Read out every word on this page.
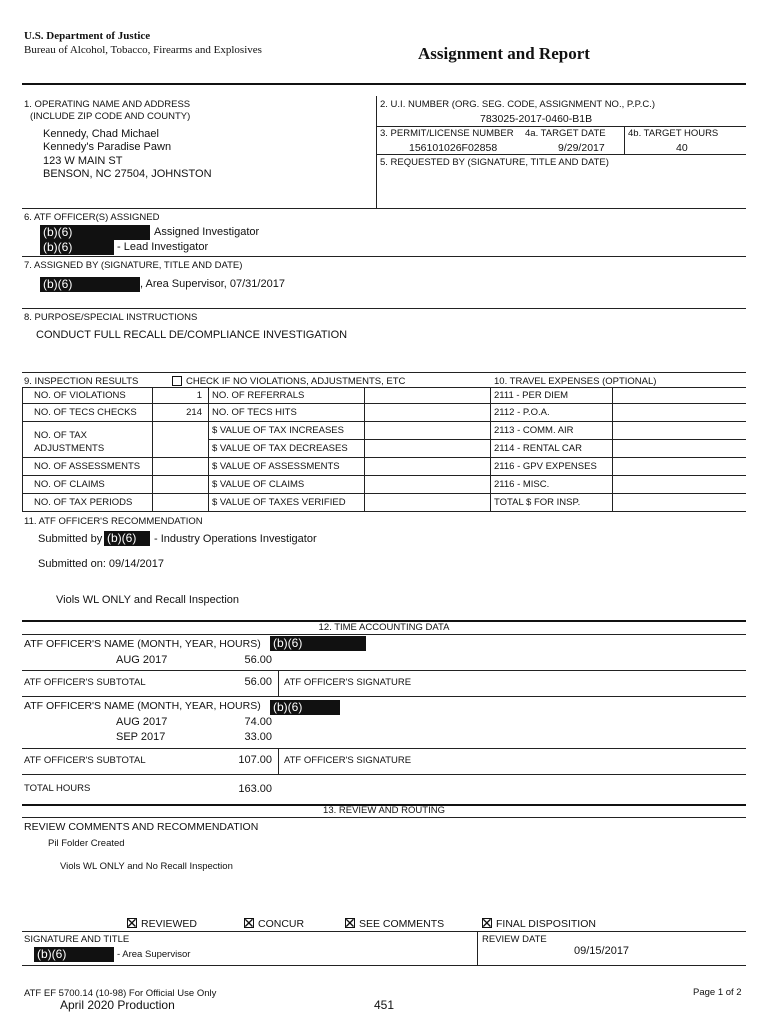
U.S. Department of Justice
Bureau of Alcohol, Tobacco, Firearms and Explosives	Assignment and Report
1. OPERATING NAME AND ADDRESS
(INCLUDE ZIP CODE AND COUNTY)
Kennedy, Chad Michael
Kennedy's Paradise Pawn
123 W MAIN ST
BENSON, NC 27504, JOHNSTON
2. U.I. NUMBER (ORG. SEG. CODE, ASSIGNMENT NO., P.P.C.)
783025-2017-0460-B1B
3. PERMIT/LICENSE NUMBER 4a. TARGET DATE 4b. TARGET HOURS
156101026F02858	9/29/2017	40
5. REQUESTED BY (SIGNATURE, TITLE AND DATE)
6. ATF OFFICER(S) ASSIGNED
(b)(6)	Assigned Investigator
(b)(6)	- Lead Investigator
7. ASSIGNED BY (SIGNATURE, TITLE AND DATE)
(b)(6)	, Area Supervisor, 07/31/2017
8. PURPOSE/SPECIAL INSTRUCTIONS
CONDUCT FULL RECALL DE/COMPLIANCE INVESTIGATION
9. INSPECTION RESULTS	CHECK IF NO VIOLATIONS, ADJUSTMENTS, ETC	10. TRAVEL EXPENSES (OPTIONAL)
NO. OF VIOLATIONS	1 NO. OF REFERRALS	2111 - PER DIEM
NO. OF TECS CHECKS	214 NO. OF TECS HITS	2112 - P.O.A.
NO. OF TAX ADJUSTMENTS
$ VALUE OF TAX INCREASES	2113 - COMM. AIR
$ VALUE OF TAX DECREASES	2114 - RENTAL CAR
NO. OF ASSESSMENTS	$ VALUE OF ASSESSMENTS	2116 - GPV EXPENSES
NO. OF CLAIMS	$ VALUE OF CLAIMS	2116 - MISC.
NO. OF TAX PERIODS	$ VALUE OF TAXES VERIFIED	TOTAL $ FOR INSP.
11. ATF OFFICER'S RECOMMENDATION
Submitted by (b)(6)	- Industry Operations Investigator
Submitted on: 09/14/2017
Viols WL ONLY and Recall Inspection
12. TIME ACCOUNTING DATA
ATF OFFICER'S NAME (MONTH, YEAR, HOURS) (b)(6)
AUG 2017	56.00
ATF OFFICER'S SUBTOTAL	56.00 ATF OFFICER'S SIGNATURE
ATF OFFICER'S NAME (MONTH, YEAR, HOURS) (b)(6)
AUG 2017	74.00
SEP 2017	33.00
ATF OFFICER'S SUBTOTAL	107.00 ATF OFFICER'S SIGNATURE
TOTAL HOURS	163.00
13. REVIEW AND ROUTING
REVIEW COMMENTS AND RECOMMENDATION
Pil Folder Created
Viols WL ONLY and No Recall Inspection
✕ REVIEWED	✕ CONCUR	✕ SEE COMMENTS	✕ FINAL DISPOSITION
SIGNATURE AND TITLE	REVIEW DATE
(b)(6)	- Area Supervisor	09/15/2017
ATF EF 5700.14 (10-98) For Official Use Only
April 2020 Production	451
Page 1 of 2
